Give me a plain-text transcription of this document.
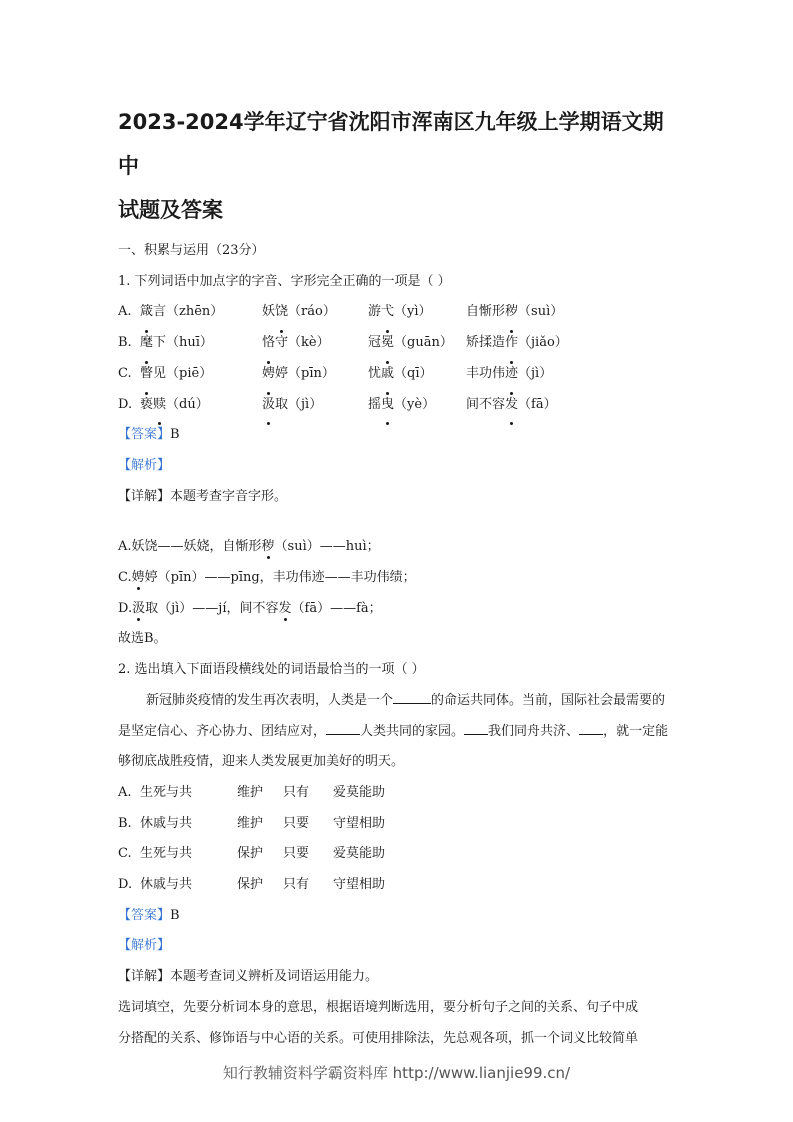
2023-2024学年辽宁省沈阳市浑南区九年级上学期语文期中
试题及答案
一、积累与运用（23分）
1. 下列词语中加点字的字音、字形完全正确的一项是（ ）
A. 箴言（zhēn）	妖饶（ráo） 游弋（yì）	自惭形秽（suì）
B. 麾下（huī）	恪守（kè）	冠冕（guān） 矫揉造作（jiǎo）
C. 瞥见（piē）	娉婷（pīn）	忧戚（qī）	丰功伟迹（jì）
D. 亵赎（dú）	汲取（jì）	摇曳（yè） 间不容发（fā）
【答案】B
【解析】
【详解】本题考查字音字形。
A.妖饶——妖娆，自惭形秽（suì）——huì；
C.娉婷（pīn）——pīng，丰功伟迹——丰功伟绩；
D.汲取（jì）——jí，间不容发（fā）——fà；
故选B。
2. 选出填入下面语段横线处的词语最恰当的一项（ ）
新冠肺炎疫情的发生再次表明，人类是一个	的命运共同体。当前，国际社会最需要的是坚定信心、齐心协力、团结应对，	人类共同的家园。 我们同舟共济、 ，就一定能够彻底战胜疫情，迎来人类发展更加美好的明天。
A. 生死与共	维护 只有 爱莫能助
B. 休戚与共	维护 只要 守望相助
C. 生死与共	保护 只要 爱莫能助
D. 休戚与共	保护 只有 守望相助
【答案】B
【解析】
【详解】本题考查词义辨析及词语运用能力。
选词填空，先要分析词本身的意思，根据语境判断选用，要分析句子之间的关系、句子中成
分搭配的关系、修饰语与中心语的关系。可使用排除法，先总观各项，抓一个词义比较简单
知行教辅资料学霸资料库 http://www.lianjie99.cn/
